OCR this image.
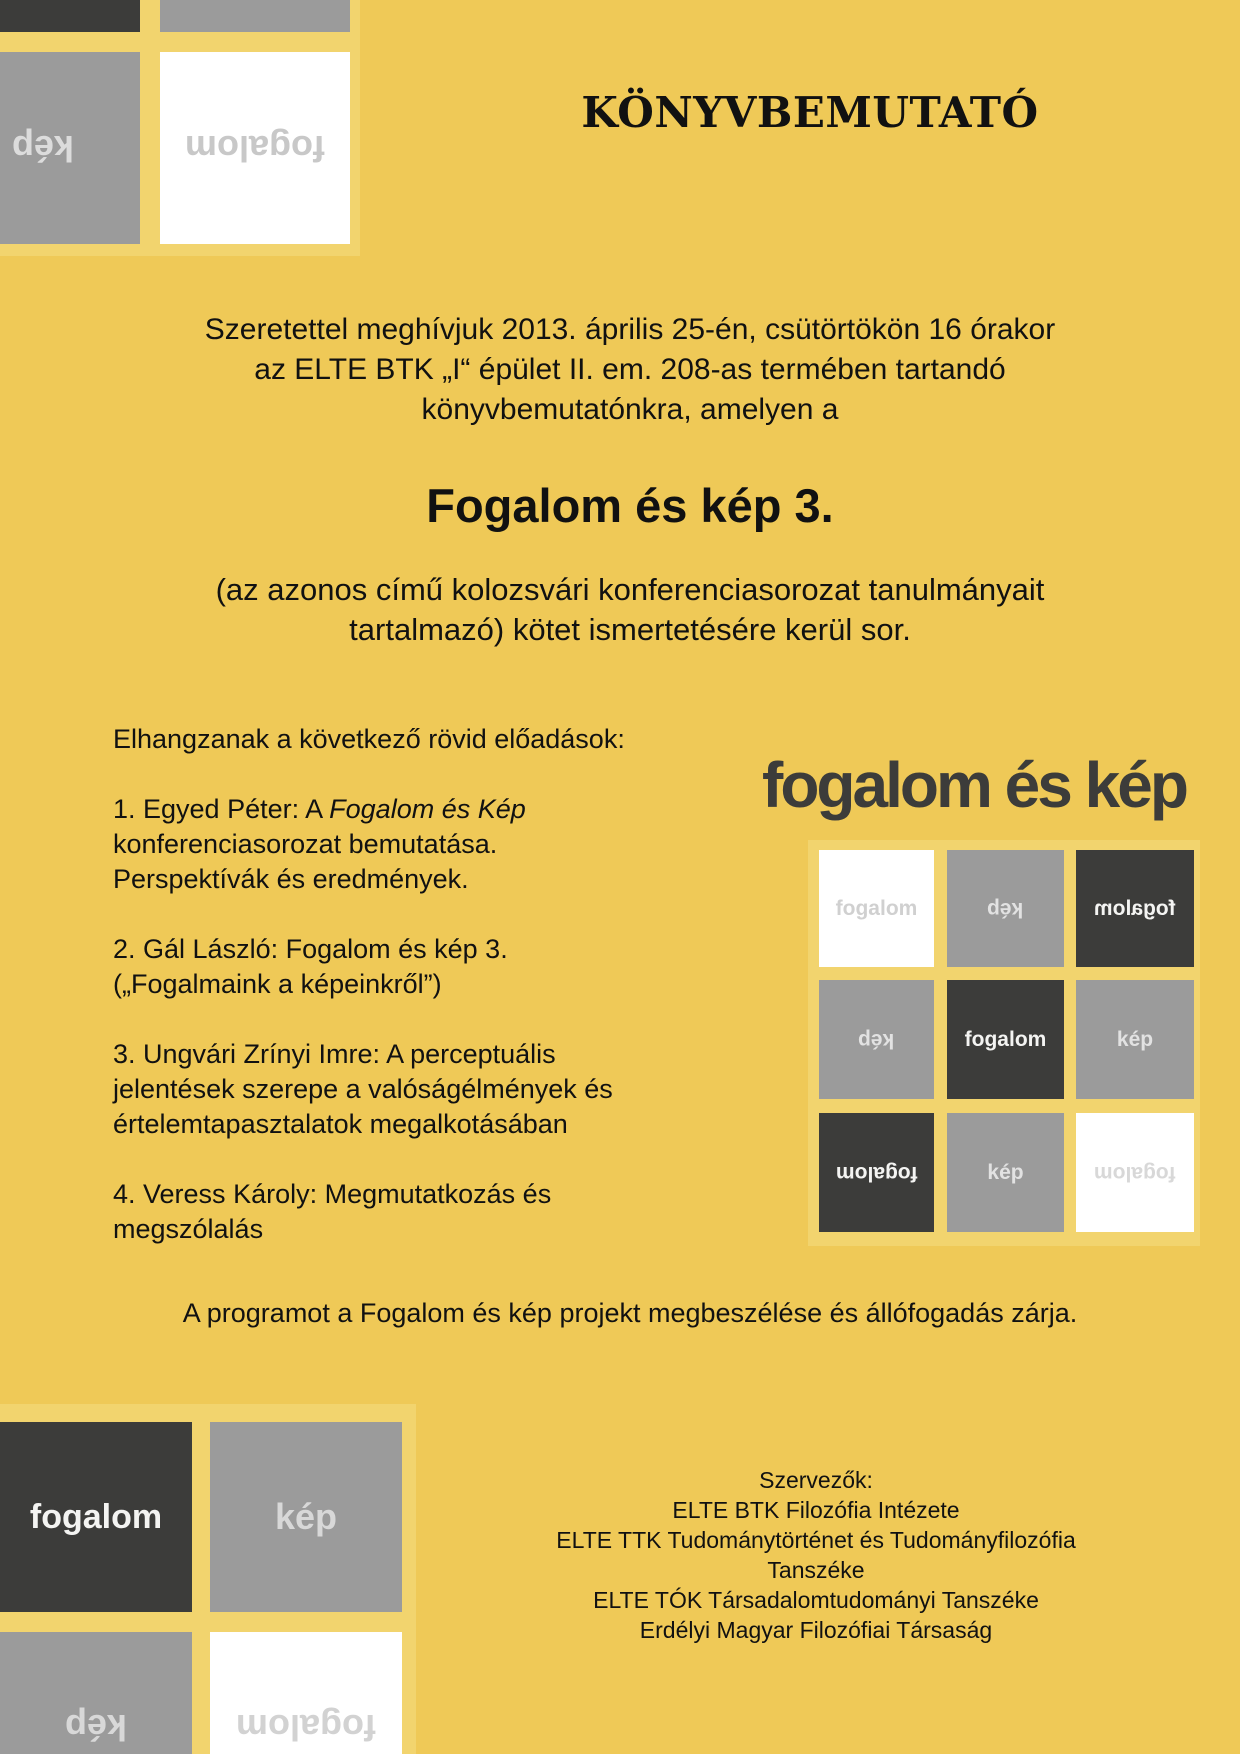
kép	fogalom
KÖNYVBEMUTATÓ
Szeretettel meghívjuk 2013. április 25-én, csütörtökön 16 órakor
az ELTE BTK „I“ épület II. em. 208-as termében tartandó
könyvbemutatónkra, amelyen a
Fogalom és kép 3.
(az azonos című kolozsvári konferenciasorozat tanulmányait
tartalmazó) kötet ismertetésére kerül sor.
Elhangzanak a következő rövid előadások:
1. Egyed Péter: A Fogalom és Kép
konferenciasorozat bemutatása.
Perspektívák és eredmények.
2. Gál László: Fogalom és kép 3.
(„Fogalmaink a képeinkről”)
3. Ungvári Zrínyi Imre: A perceptuális
jelentések szerepe a valóságélmények és
értelemtapasztalatok megalkotásában
4. Veress Károly: Megmutatkozás és
megszólalás
fogalom és kép
fogalom	kép	fogalom
kép	fogalom	kép
fogalom	kép	fogalom
A programot a Fogalom és kép projekt megbeszélése és állófogadás zárja.
fogalom	kép
kép	fogalom
Szervezők:
ELTE BTK Filozófia Intézete
ELTE TTK Tudománytörténet és Tudományfilozófia
Tanszéke
ELTE TÓK Társadalomtudományi Tanszéke
Erdélyi Magyar Filozófiai Társaság
